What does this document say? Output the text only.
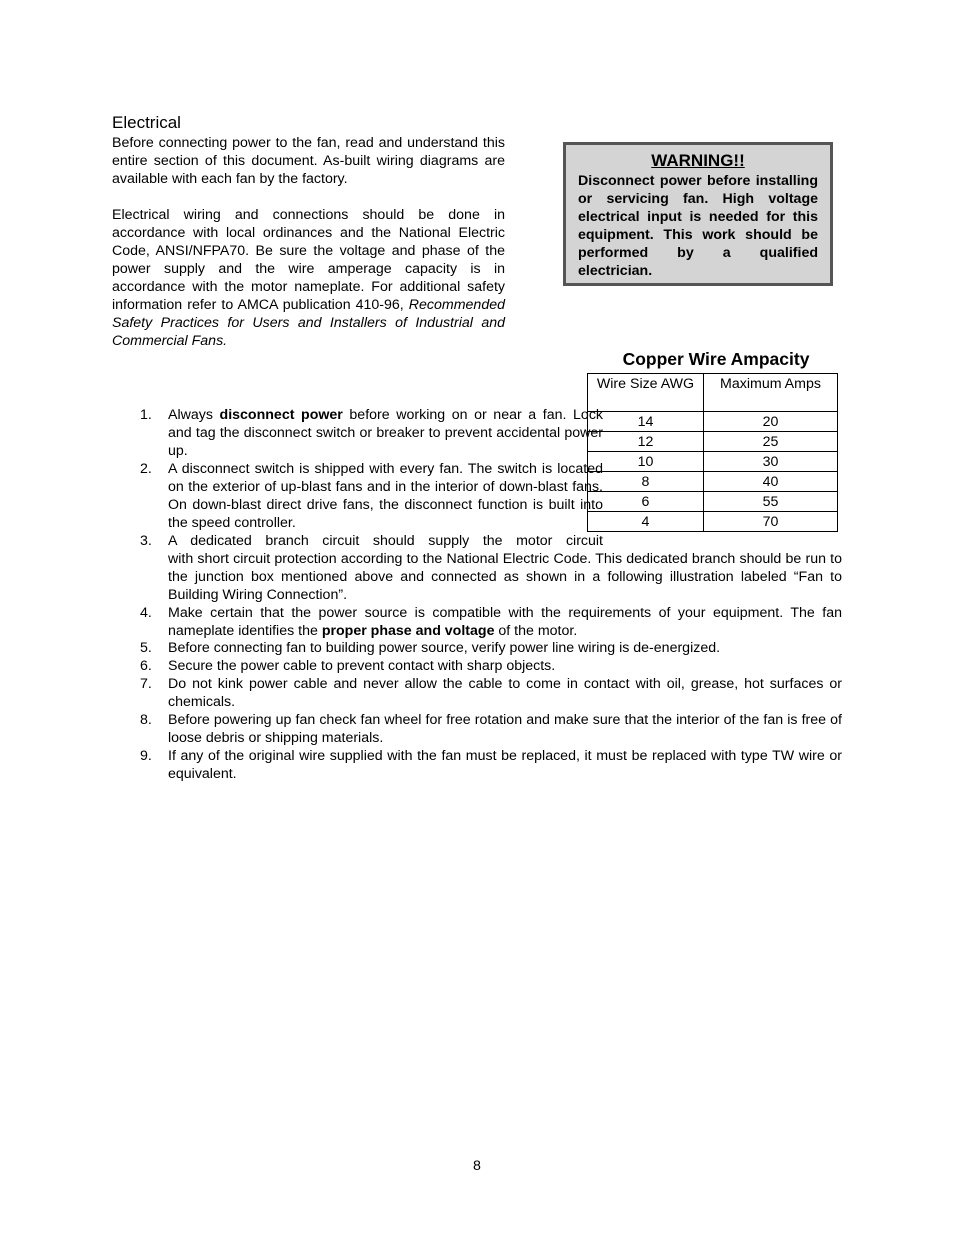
Electrical

Before connecting power to the fan, read and understand this entire section of this document. As-built wiring diagrams are available with each fan by the factory.

Electrical wiring and connections should be done in accordance with local ordinances and the National Electric Code, ANSI/NFPA70. Be sure the voltage and phase of the power supply and the wire amperage capacity is in accordance with the motor nameplate. For additional safety information refer to AMCA publication 410-96, Recommended Safety Practices for Users and Installers of Industrial and Commercial Fans.

WARNING!!
Disconnect power before installing or servicing fan. High voltage electrical input is needed for this equipment. This work should be performed by a qualified electrician.
Copper Wire Ampacity
Wire Size AWG	Maximum Amps
14	20
12	25
10	30
8	40
6	55
4	70
1. Always disconnect power before working on or near a fan. Lock and tag the disconnect switch or breaker to prevent accidental power up.
2. A disconnect switch is shipped with every fan. The switch is located on the exterior of up-blast fans and in the interior of down-blast fans. On down-blast direct drive fans, the disconnect function is built into the speed controller.
3. A dedicated branch circuit should supply the motor circuit
with short circuit protection according to the National Electric Code. This dedicated branch should be run to the junction box mentioned above and connected as shown in a following illustration labeled “Fan to Building Wiring Connection”.
4. Make certain that the power source is compatible with the requirements of your equipment. The fan nameplate identifies the proper phase and voltage of the motor.
5. Before connecting fan to building power source, verify power line wiring is de-energized.
6. Secure the power cable to prevent contact with sharp objects.
7. Do not kink power cable and never allow the cable to come in contact with oil, grease, hot surfaces or chemicals.
8. Before powering up fan check fan wheel for free rotation and make sure that the interior of the fan is free of loose debris or shipping materials.
9. If any of the original wire supplied with the fan must be replaced, it must be replaced with type TW wire or equivalent.
8
